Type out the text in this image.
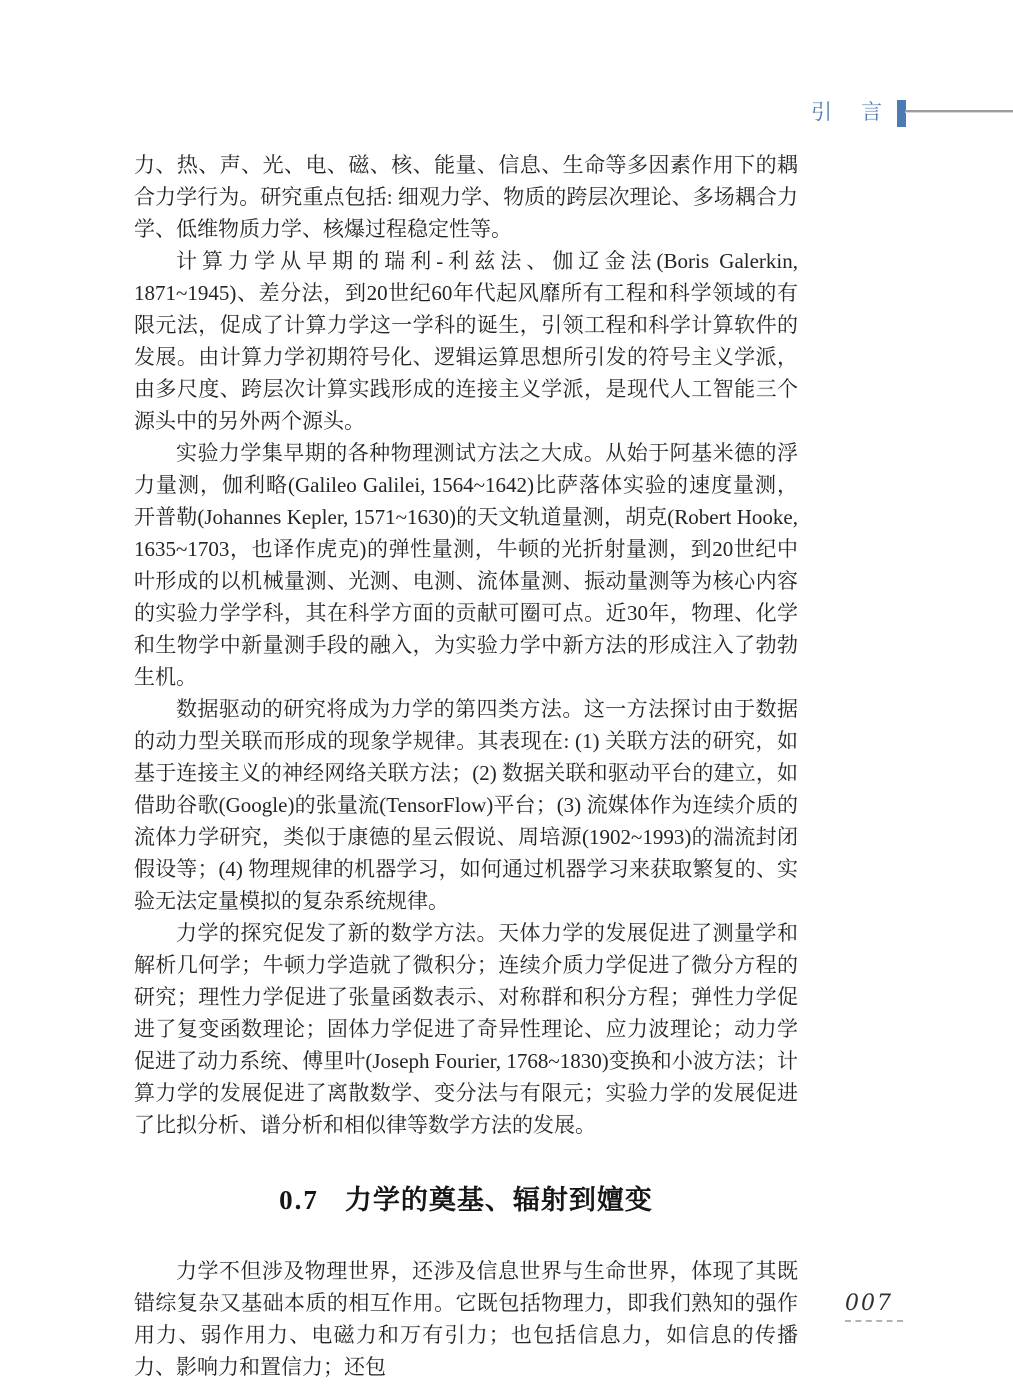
引　言

力、热、声、光、电、磁、核、能量、信息、生命等多因素作用下的耦合力学行为。研究重点包括: 细观力学、物质的跨层次理论、多场耦合力学、低维物质力学、核爆过程稳定性等。

计算力学从早期的瑞利-利兹法、伽辽金法(Boris Galerkin, 1871~1945)、差分法，到20世纪60年代起风靡所有工程和科学领域的有限元法，促成了计算力学这一学科的诞生，引领工程和科学计算软件的发展。由计算力学初期符号化、逻辑运算思想所引发的符号主义学派，由多尺度、跨层次计算实践形成的连接主义学派，是现代人工智能三个源头中的另外两个源头。

实验力学集早期的各种物理测试方法之大成。从始于阿基米德的浮力量测，伽利略(Galileo Galilei, 1564~1642)比萨落体实验的速度量测，开普勒(Johannes Kepler, 1571~1630)的天文轨道量测，胡克(Robert Hooke, 1635~1703，也译作虎克)的弹性量测，牛顿的光折射量测，到20世纪中叶形成的以机械量测、光测、电测、流体量测、振动量测等为核心内容的实验力学学科，其在科学方面的贡献可圈可点。近30年，物理、化学和生物学中新量测手段的融入，为实验力学中新方法的形成注入了勃勃生机。

数据驱动的研究将成为力学的第四类方法。这一方法探讨由于数据的动力型关联而形成的现象学规律。其表现在: (1) 关联方法的研究，如基于连接主义的神经网络关联方法；(2) 数据关联和驱动平台的建立，如借助谷歌(Google)的张量流(TensorFlow)平台；(3) 流媒体作为连续介质的流体力学研究，类似于康德的星云假说、周培源(1902~1993)的湍流封闭假设等；(4) 物理规律的机器学习，如何通过机器学习来获取繁复的、实验无法定量模拟的复杂系统规律。

力学的探究促发了新的数学方法。天体力学的发展促进了测量学和解析几何学；牛顿力学造就了微积分；连续介质力学促进了微分方程的研究；理性力学促进了张量函数表示、对称群和积分方程；弹性力学促进了复变函数理论；固体力学促进了奇异性理论、应力波理论；动力学促进了动力系统、傅里叶(Joseph Fourier, 1768~1830)变换和小波方法；计算力学的发展促进了离散数学、变分法与有限元；实验力学的发展促进了比拟分析、谱分析和相似律等数学方法的发展。

0.7 力学的奠基、辐射到嬗变

力学不但涉及物理世界，还涉及信息世界与生命世界，体现了其既错综复杂又基础本质的相互作用。它既包括物理力，即我们熟知的强作用力、弱作用力、电磁力和万有引力；也包括信息力，如信息的传播力、影响力和置信力；还包

007
